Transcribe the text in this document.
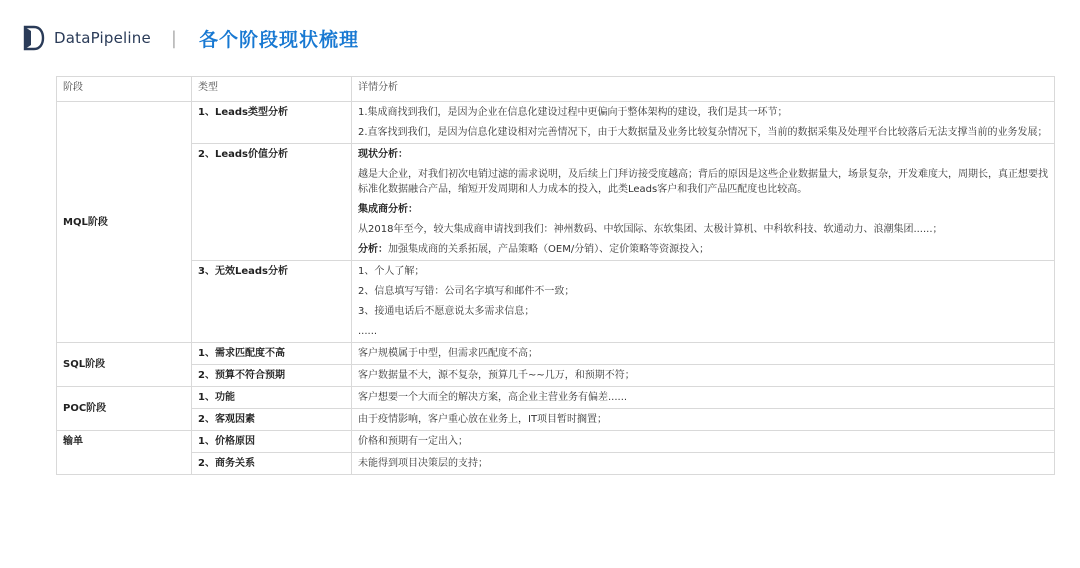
DataPipeline | 各个阶段现状梳理
阶段	类型	详情分析
MQL阶段	1、Leads类型分析	1.集成商找到我们，是因为企业在信息化建设过程中更偏向于整体架构的建设，我们是其一环节；
2.直客找到我们，是因为信息化建设相对完善情况下，由于大数据量及业务比较复杂情况下，当前的数据采集及处理平台比较落后无法支撑当前的业务发展；

	2、Leads价值分析	现状分析：
越是大企业，对我们初次电销过滤的需求说明，及后续上门拜访接受度越高；背后的原因是这些企业数据量大，场景复杂，开发难度大，周期长，真正想要找标准化数据融合产品，缩短开发周期和人力成本的投入，此类Leads客户和我们产品匹配度也比较高。
集成商分析：
从2018年至今，较大集成商申请找到我们：神州数码、中软国际、东软集团、太极计算机、中科软科技、软通动力、浪潮集团......；
分析：加强集成商的关系拓展，产品策略（OEM/分销）、定价策略等资源投入；

	3、无效Leads分析	1、个人了解；
2、信息填写写错：公司名字填写和邮件不一致；
3、接通电话后不愿意说太多需求信息；
......

SQL阶段	1、需求匹配度不高	客户规模属于中型，但需求匹配度不高；
	2、预算不符合预期	客户数据量不大，源不复杂，预算几千~~几万，和预期不符；
POC阶段	1、功能	客户想要一个大而全的解决方案，高企业主营业务有偏差......
	2、客观因素	由于疫情影响，客户重心放在业务上，IT项目暂时搁置；
输单	1、价格原因	价格和预期有一定出入；
	2、商务关系	未能得到项目决策层的支持；
